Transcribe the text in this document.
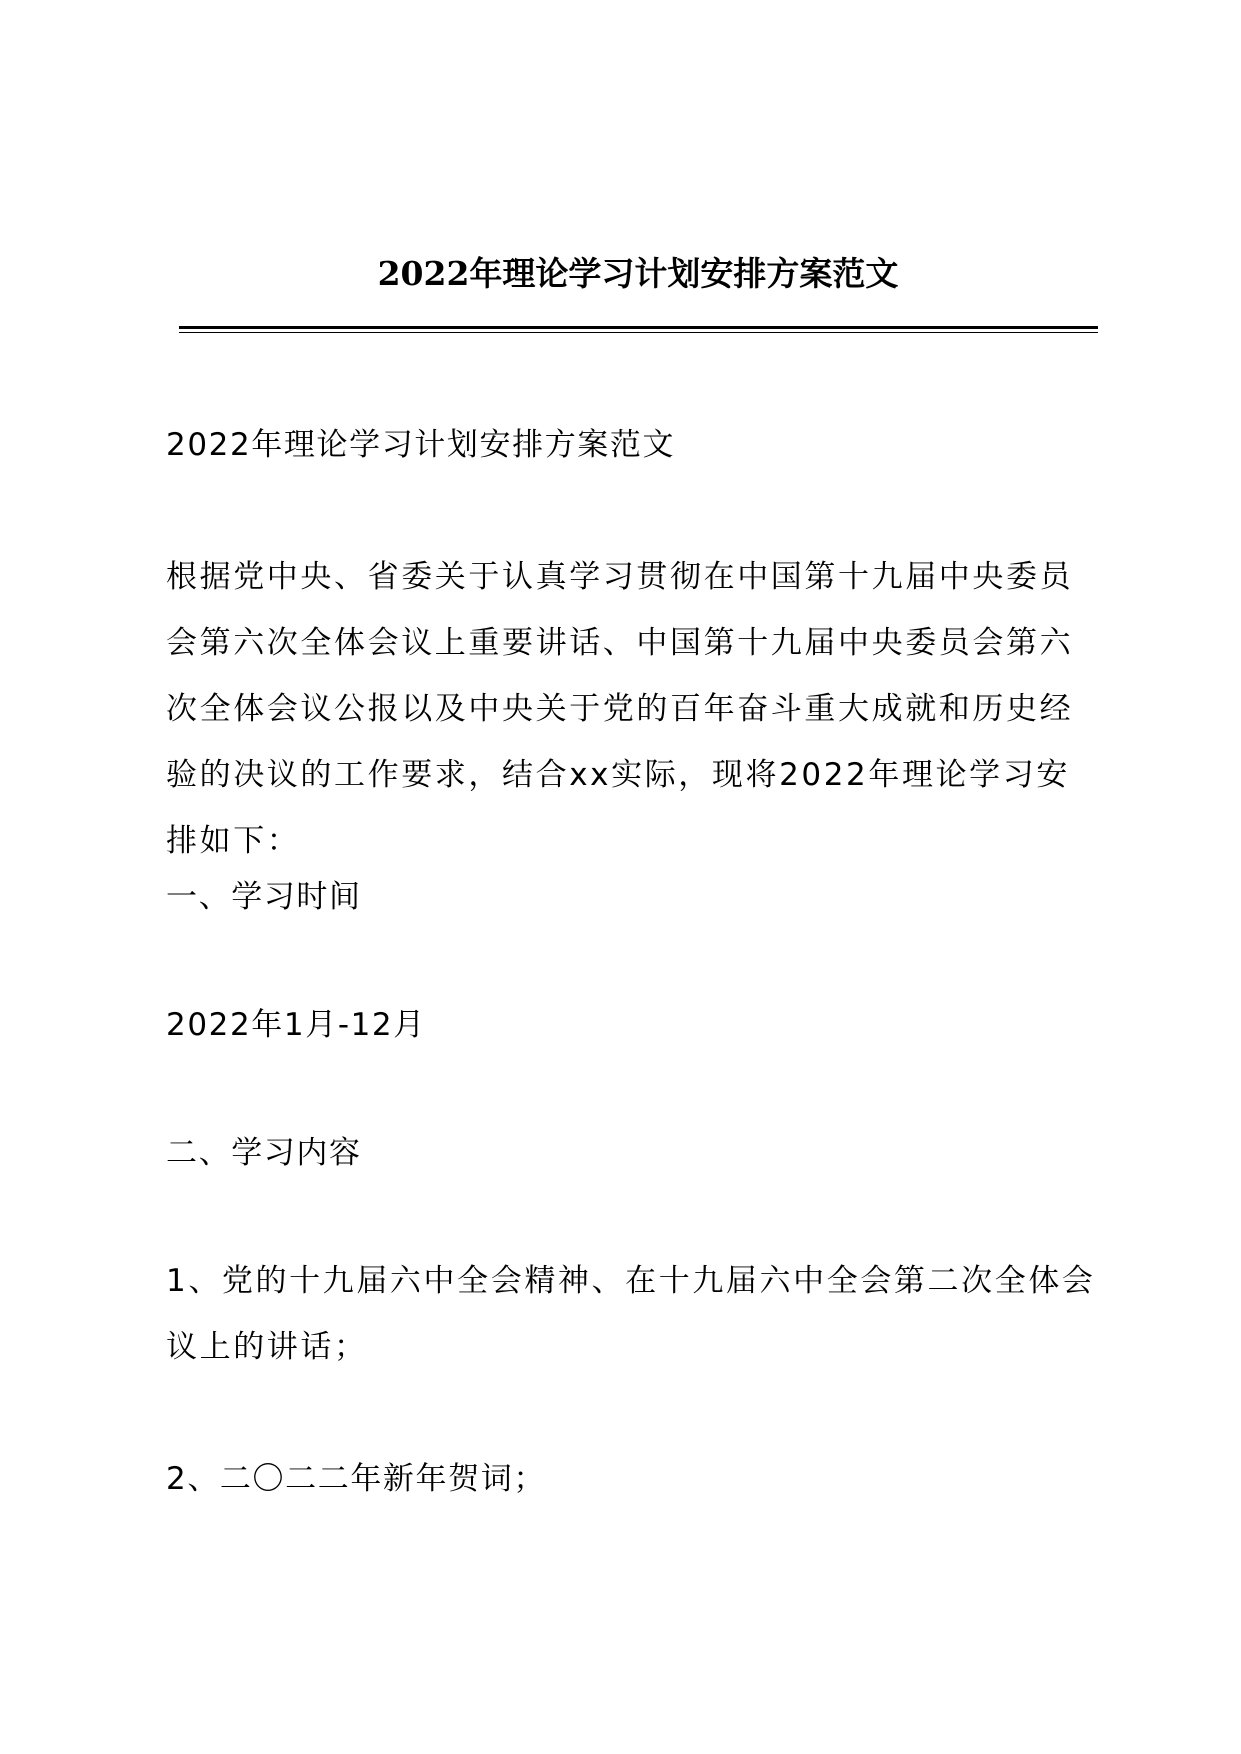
2022年理论学习计划安排方案范文

2022年理论学习计划安排方案范文

根据党中央、省委关于认真学习贯彻在中国第十九届中央委员会第六次全体会议上重要讲话、中国第十九届中央委员会第六次全体会议公报以及中央关于党的百年奋斗重大成就和历史经验的决议的工作要求，结合xx实际，现将2022年理论学习安排如下：

一、学习时间

2022年1月-12月

二、学习内容

1、党的十九届六中全会精神、在十九届六中全会第二次全体会议上的讲话；

2、二〇二二年新年贺词；
